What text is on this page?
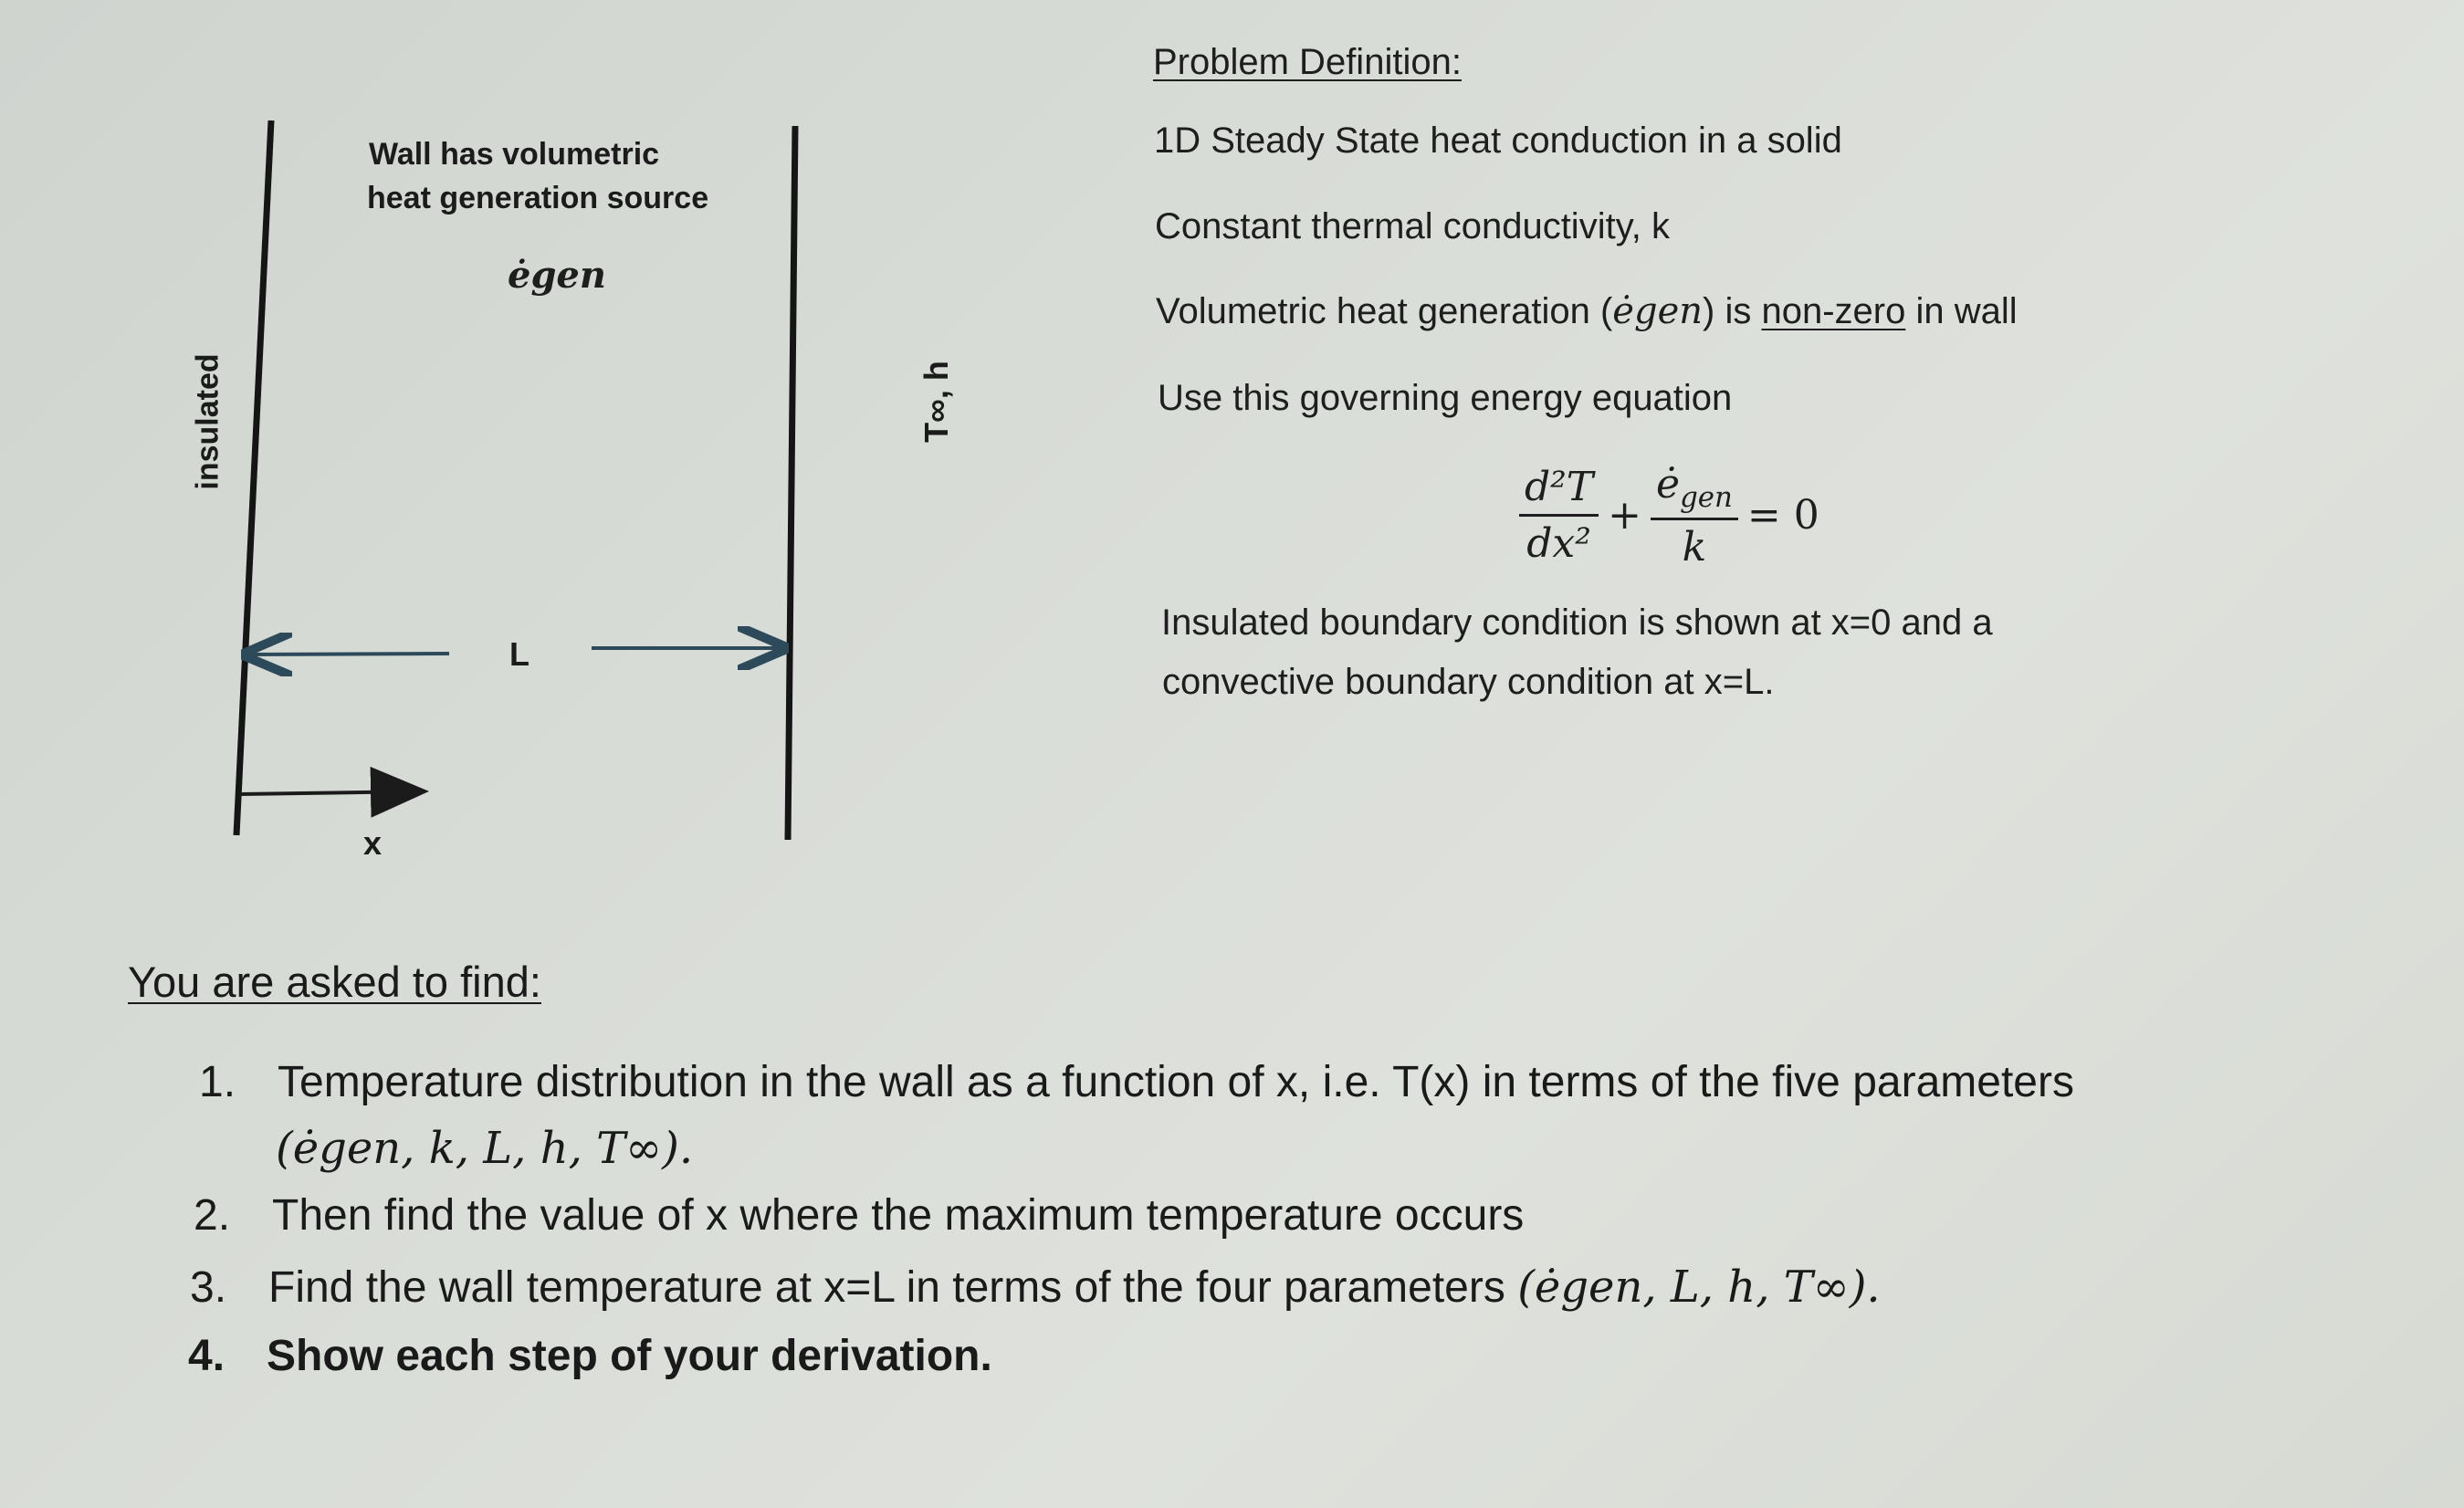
insulated
Wall has volumetric
heat generation source
ėgen
T∞, h
L
x
Problem Definition:
1D Steady State heat conduction in a solid
Constant thermal conductivity, k
Volumetric heat generation (ėgen) is non-zero in wall
Use this governing energy equation
$\frac{\text{d²T}}{\text{dx²}} + \frac{ė_{gen}}{k} = 0$
Insulated boundary condition is shown at x=0 and a
convective boundary condition at x=L.
You are asked to find:
1. Temperature distribution in the wall as a function of x, i.e. T(x) in terms of the five parameters
(ėgen, k, L, h, T∞).
2. Then find the value of x where the maximum temperature occurs
3. Find the wall temperature at x=L in terms of the four parameters (ėgen, L, h, T∞).
4. Show each step of your derivation.
